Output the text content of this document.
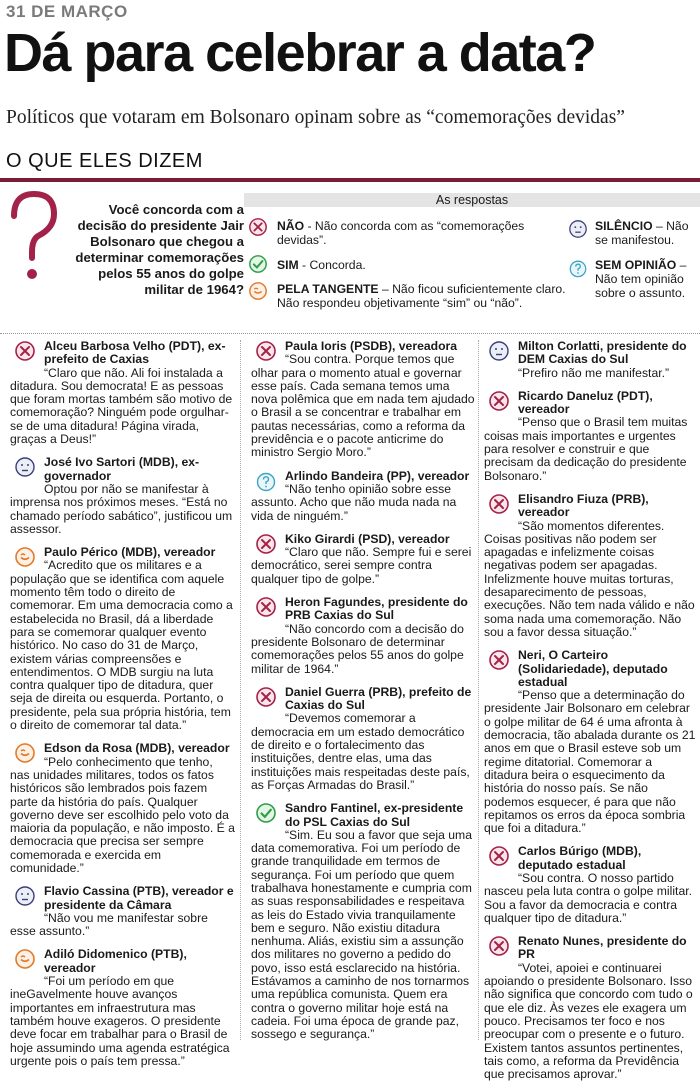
31 DE MARÇO
Dá para celebrar a data?
Políticos que votaram em Bolsonaro opinam sobre as “comemorações devidas”
O QUE ELES DIZEM
Você concorda com a decisão do presidente Jair Bolsonaro que chegou a determinar comemorações pelos 55 anos do golpe militar de 1964?
As respostas
NÃO - Não concorda com as “comemorações devidas”.
SIM - Concorda.
PELA TANGENTE – Não ficou suficientemente claro. Não respondeu objetivamente “sim” ou “não”.
SILÊNCIO – Não se manifestou.
SEM OPINIÃO – Não tem opinião sobre o assunto.
Alceu Barbosa Velho (PDT), ex-prefeito de Caxias
“Claro que não. Ali foi instalada a ditadura. Sou democrata! E as pessoas que foram mortas também são motivo de comemoração? Ninguém pode orgulhar-se de uma ditadura! Página virada, graças a Deus!”
José Ivo Sartori (MDB), ex-governador
Optou por não se manifestar à imprensa nos próximos meses. “Está no chamado período sabático”, justificou um assessor.
Paulo Périco (MDB), vereador
“Acredito que os militares e a população que se identifica com aquele momento têm todo o direito de comemorar. Em uma democracia como a estabelecida no Brasil, dá a liberdade para se comemorar qualquer evento histórico. No caso do 31 de Março, existem várias compreensões e entendimentos. O MDB surgiu na luta contra qualquer tipo de ditadura, quer seja de direita ou esquerda. Portanto, o presidente, pela sua própria história, tem o direito de comemorar tal data.”
Edson da Rosa (MDB), vereador
“Pelo conhecimento que tenho, nas unidades militares, todos os fatos históricos são lembrados pois fazem parte da história do país. Qualquer governo deve ser escolhido pelo voto da maioria da população, e não imposto. É a democracia que precisa ser sempre comemorada e exercida em comunidade.”
Flavio Cassina (PTB), vereador e presidente da Câmara
“Não vou me manifestar sobre esse assunto.”
Adiló Didomenico (PTB), vereador
“Foi um período em que ineGavelmente houve avanços importantes em infraestrutura mas também houve exageros. O presidente deve focar em trabalhar para o Brasil de hoje assumindo uma agenda estratégica urgente pois o país tem pressa.”
Paula Ioris (PSDB), vereadora
“Sou contra. Porque temos que olhar para o momento atual e governar esse país. Cada semana temos uma nova polêmica que em nada tem ajudado o Brasil a se concentrar e trabalhar em pautas necessárias, como a reforma da previdência e o pacote anticrime do ministro Sergio Moro.”
Arlindo Bandeira (PP), vereador
“Não tenho opinião sobre esse assunto. Acho que não muda nada na vida de ninguém.”
Kiko Girardi (PSD), vereador
“Claro que não. Sempre fui e serei democrático, serei sempre contra qualquer tipo de golpe.”
Heron Fagundes, presidente do PRB Caxias do Sul
“Não concordo com a decisão do presidente Bolsonaro de determinar comemorações pelos 55 anos do golpe militar de 1964.”
Daniel Guerra (PRB), prefeito de Caxias do Sul
“Devemos comemorar a democracia em um estado democrático de direito e o fortalecimento das instituições, dentre elas, uma das instituições mais respeitadas deste país, as Forças Armadas do Brasil.”
Sandro Fantinel, ex-presidente do PSL Caxias do Sul
“Sim. Eu sou a favor que seja uma data comemorativa. Foi um período de grande tranquilidade em termos de segurança. Foi um período que quem trabalhava honestamente e cumpria com as suas responsabilidades e respeitava as leis do Estado vivia tranquilamente bem e seguro. Não existiu ditadura nenhuma. Aliás, existiu sim a assunção dos militares no governo a pedido do povo, isso está esclarecido na história. Estávamos a caminho de nos tornarmos uma república comunista. Quem era contra o governo militar hoje está na cadeia. Foi uma época de grande paz, sossego e segurança.”
Milton Corlatti, presidente do DEM Caxias do Sul
“Prefiro não me manifestar.”
Ricardo Daneluz (PDT), vereador
“Penso que o Brasil tem muitas coisas mais importantes e urgentes para resolver e construir e que precisam da dedicação do presidente Bolsonaro.”
Elisandro Fiuza (PRB), vereador
“São momentos diferentes. Coisas positivas não podem ser apagadas e infelizmente coisas negativas podem ser apagadas. Infelizmente houve muitas torturas, desaparecimento de pessoas, execuções. Não tem nada válido e não soma nada uma comemoração. Não sou a favor dessa situação.”
Neri, O Carteiro (Solidariedade), deputado estadual
“Penso que a determinação do presidente Jair Bolsonaro em celebrar o golpe militar de 64 é uma afronta à democracia, tão abalada durante os 21 anos em que o Brasil esteve sob um regime ditatorial. Comemorar a ditadura beira o esquecimento da história do nosso país. Se não podemos esquecer, é para que não repitamos os erros da época sombria que foi a ditadura.”
Carlos Búrigo (MDB), deputado estadual
“Sou contra. O nosso partido nasceu pela luta contra o golpe militar. Sou a favor da democracia e contra qualquer tipo de ditadura.”
Renato Nunes, presidente do PR
“Votei, apoiei e continuarei apoiando o presidente Bolsonaro. Isso não significa que concordo com tudo o que ele diz. Às vezes ele exagera um pouco. Precisamos ter foco e nos preocupar com o presente e o futuro. Existem tantos assuntos pertinentes, tais como, a reforma da Previdência que precisamos aprovar.”
